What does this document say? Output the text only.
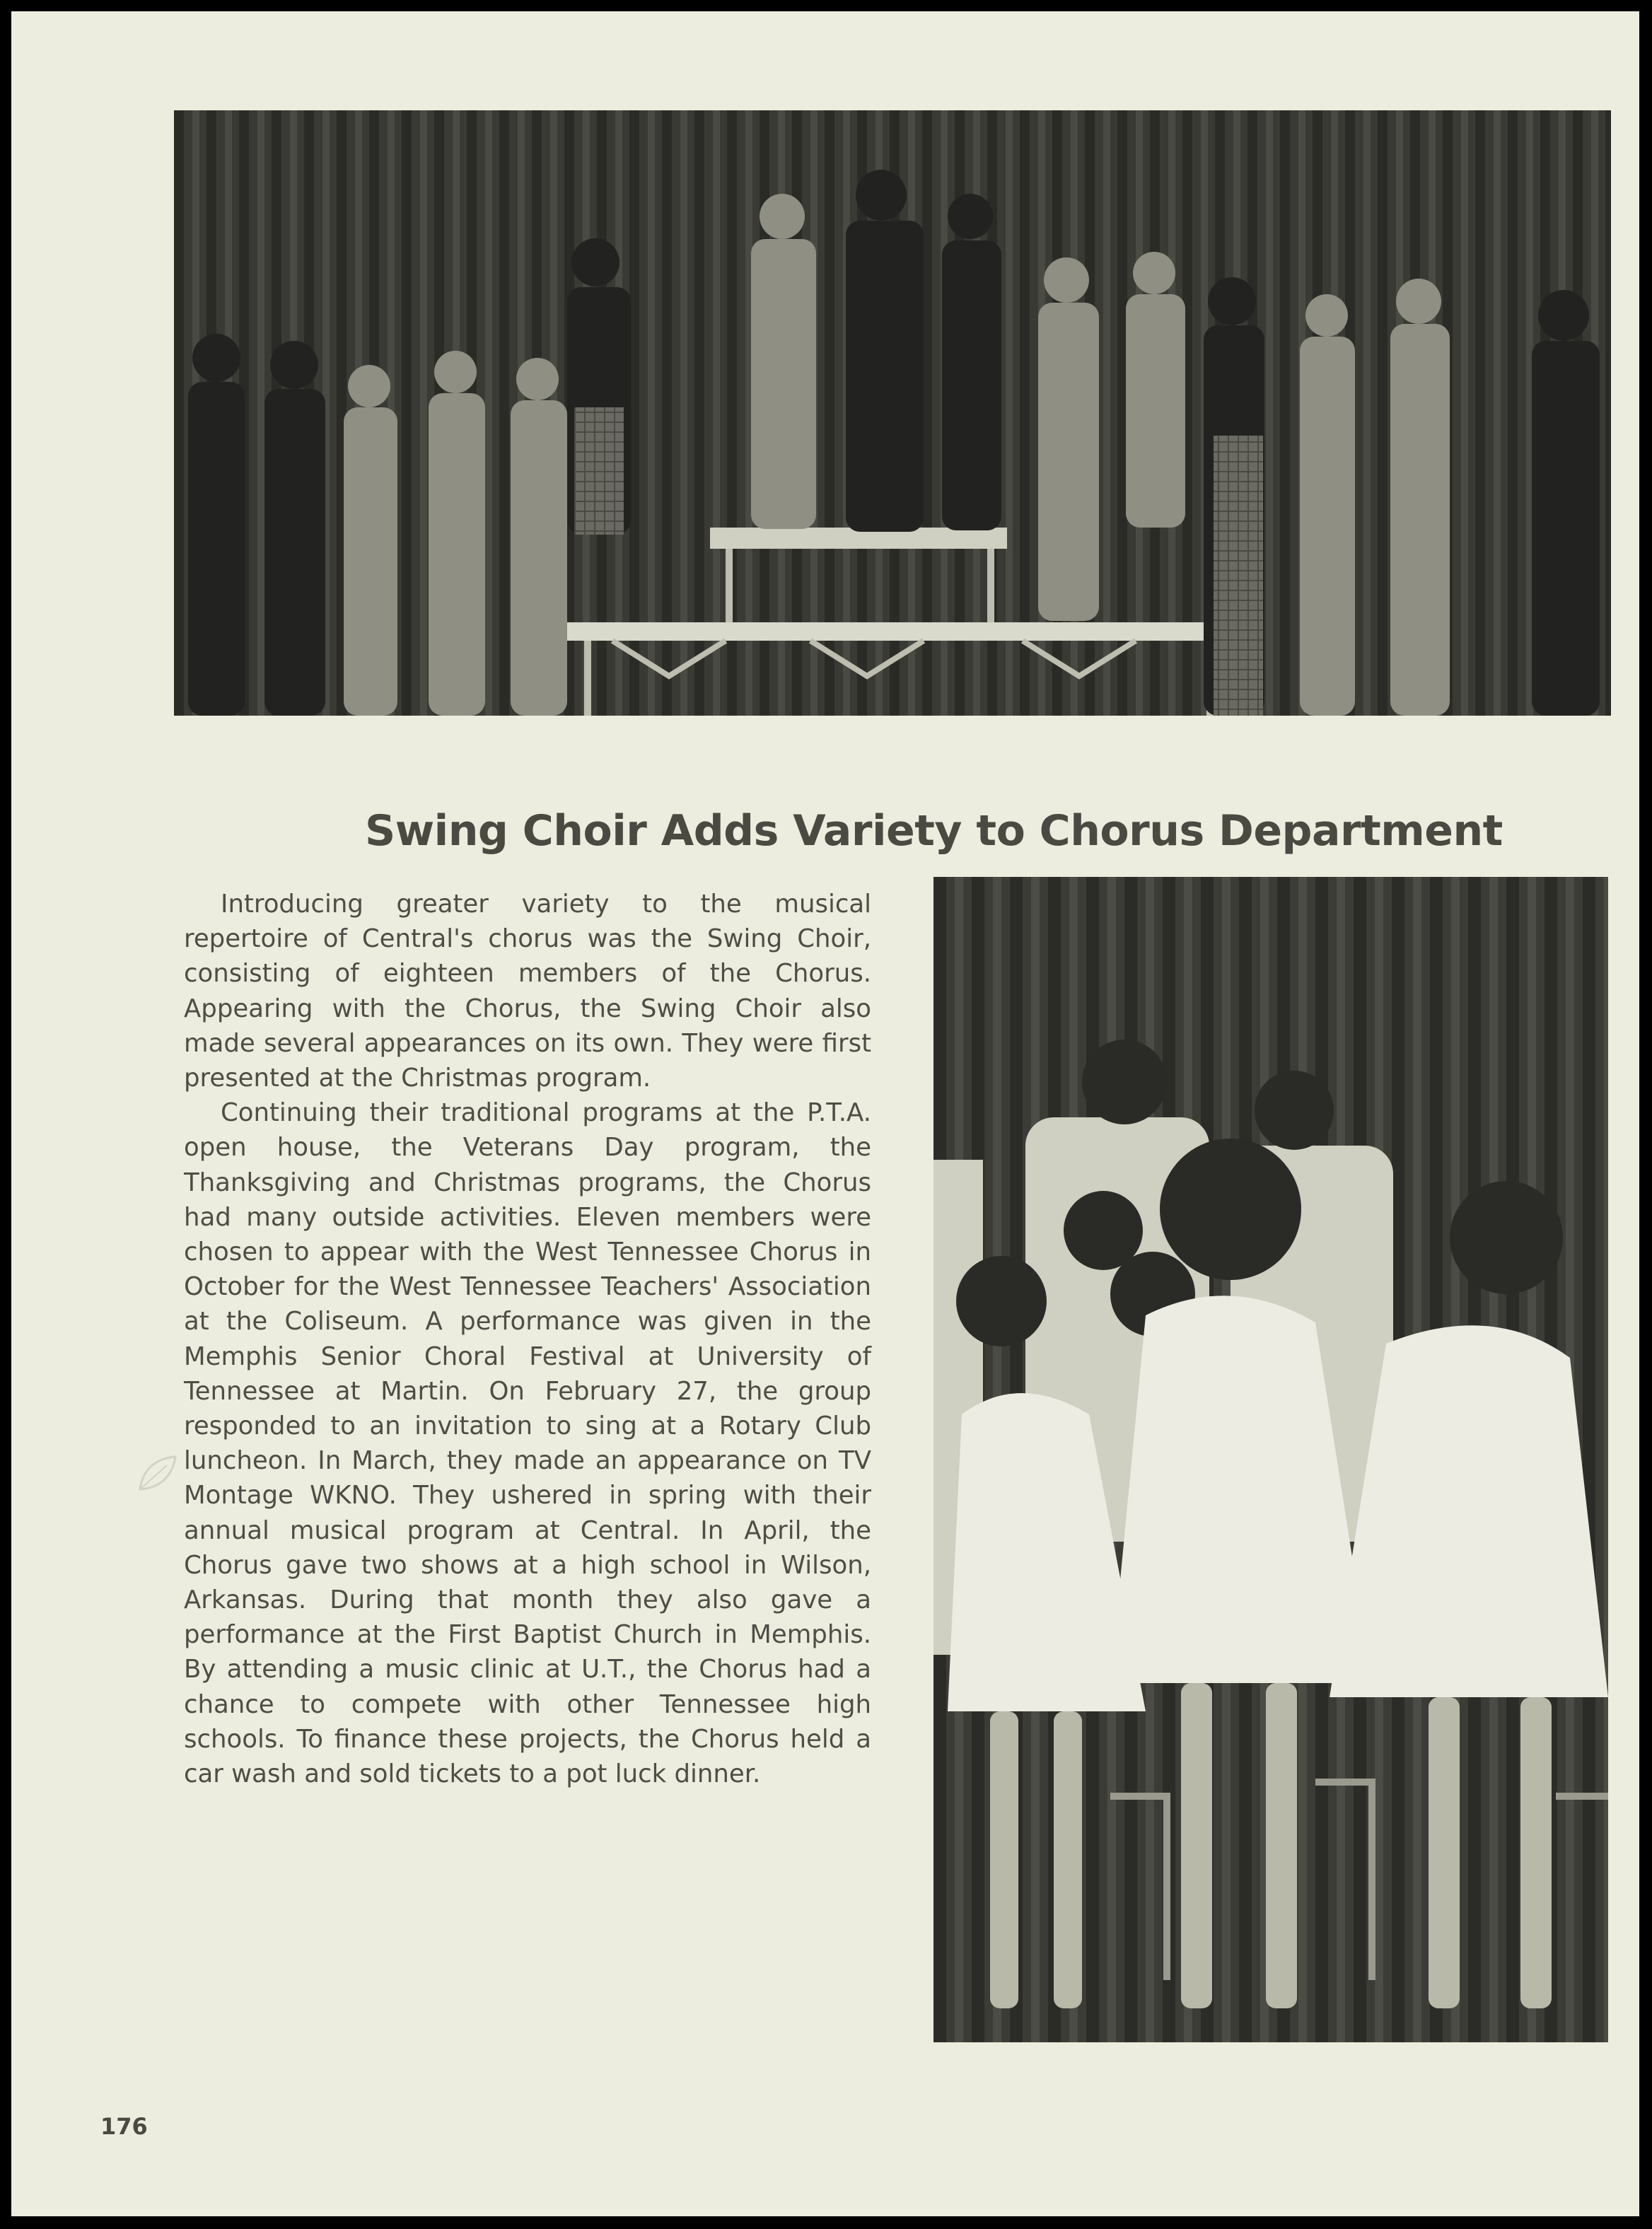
Swing Choir Adds Variety to Chorus Department

Introducing greater variety to the musical repertoire of Central's chorus was the Swing Choir, consisting of eighteen members of the Chorus. Appearing with the Chorus, the Swing Choir also made several appearances on its own. They were first presented at the Christmas program.

Continuing their traditional programs at the P.T.A. open house, the Veterans Day program, the Thanksgiving and Christmas programs, the Chorus had many outside activities. Eleven members were chosen to appear with the West Tennessee Chorus in October for the West Tennessee Teachers' Association at the Coliseum. A performance was given in the Memphis Senior Choral Festival at University of Tennessee at Martin. On February 27, the group responded to an invitation to sing at a Rotary Club luncheon. In March, they made an appearance on TV Montage WKNO. They ushered in spring with their annual musical program at Central. In April, the Chorus gave two shows at a high school in Wilson, Arkansas. During that month they also gave a performance at the First Baptist Church in Memphis. By attending a music clinic at U.T., the Chorus had a chance to compete with other Tennessee high schools. To finance these projects, the Chorus held a car wash and sold tickets to a pot luck dinner.

176
